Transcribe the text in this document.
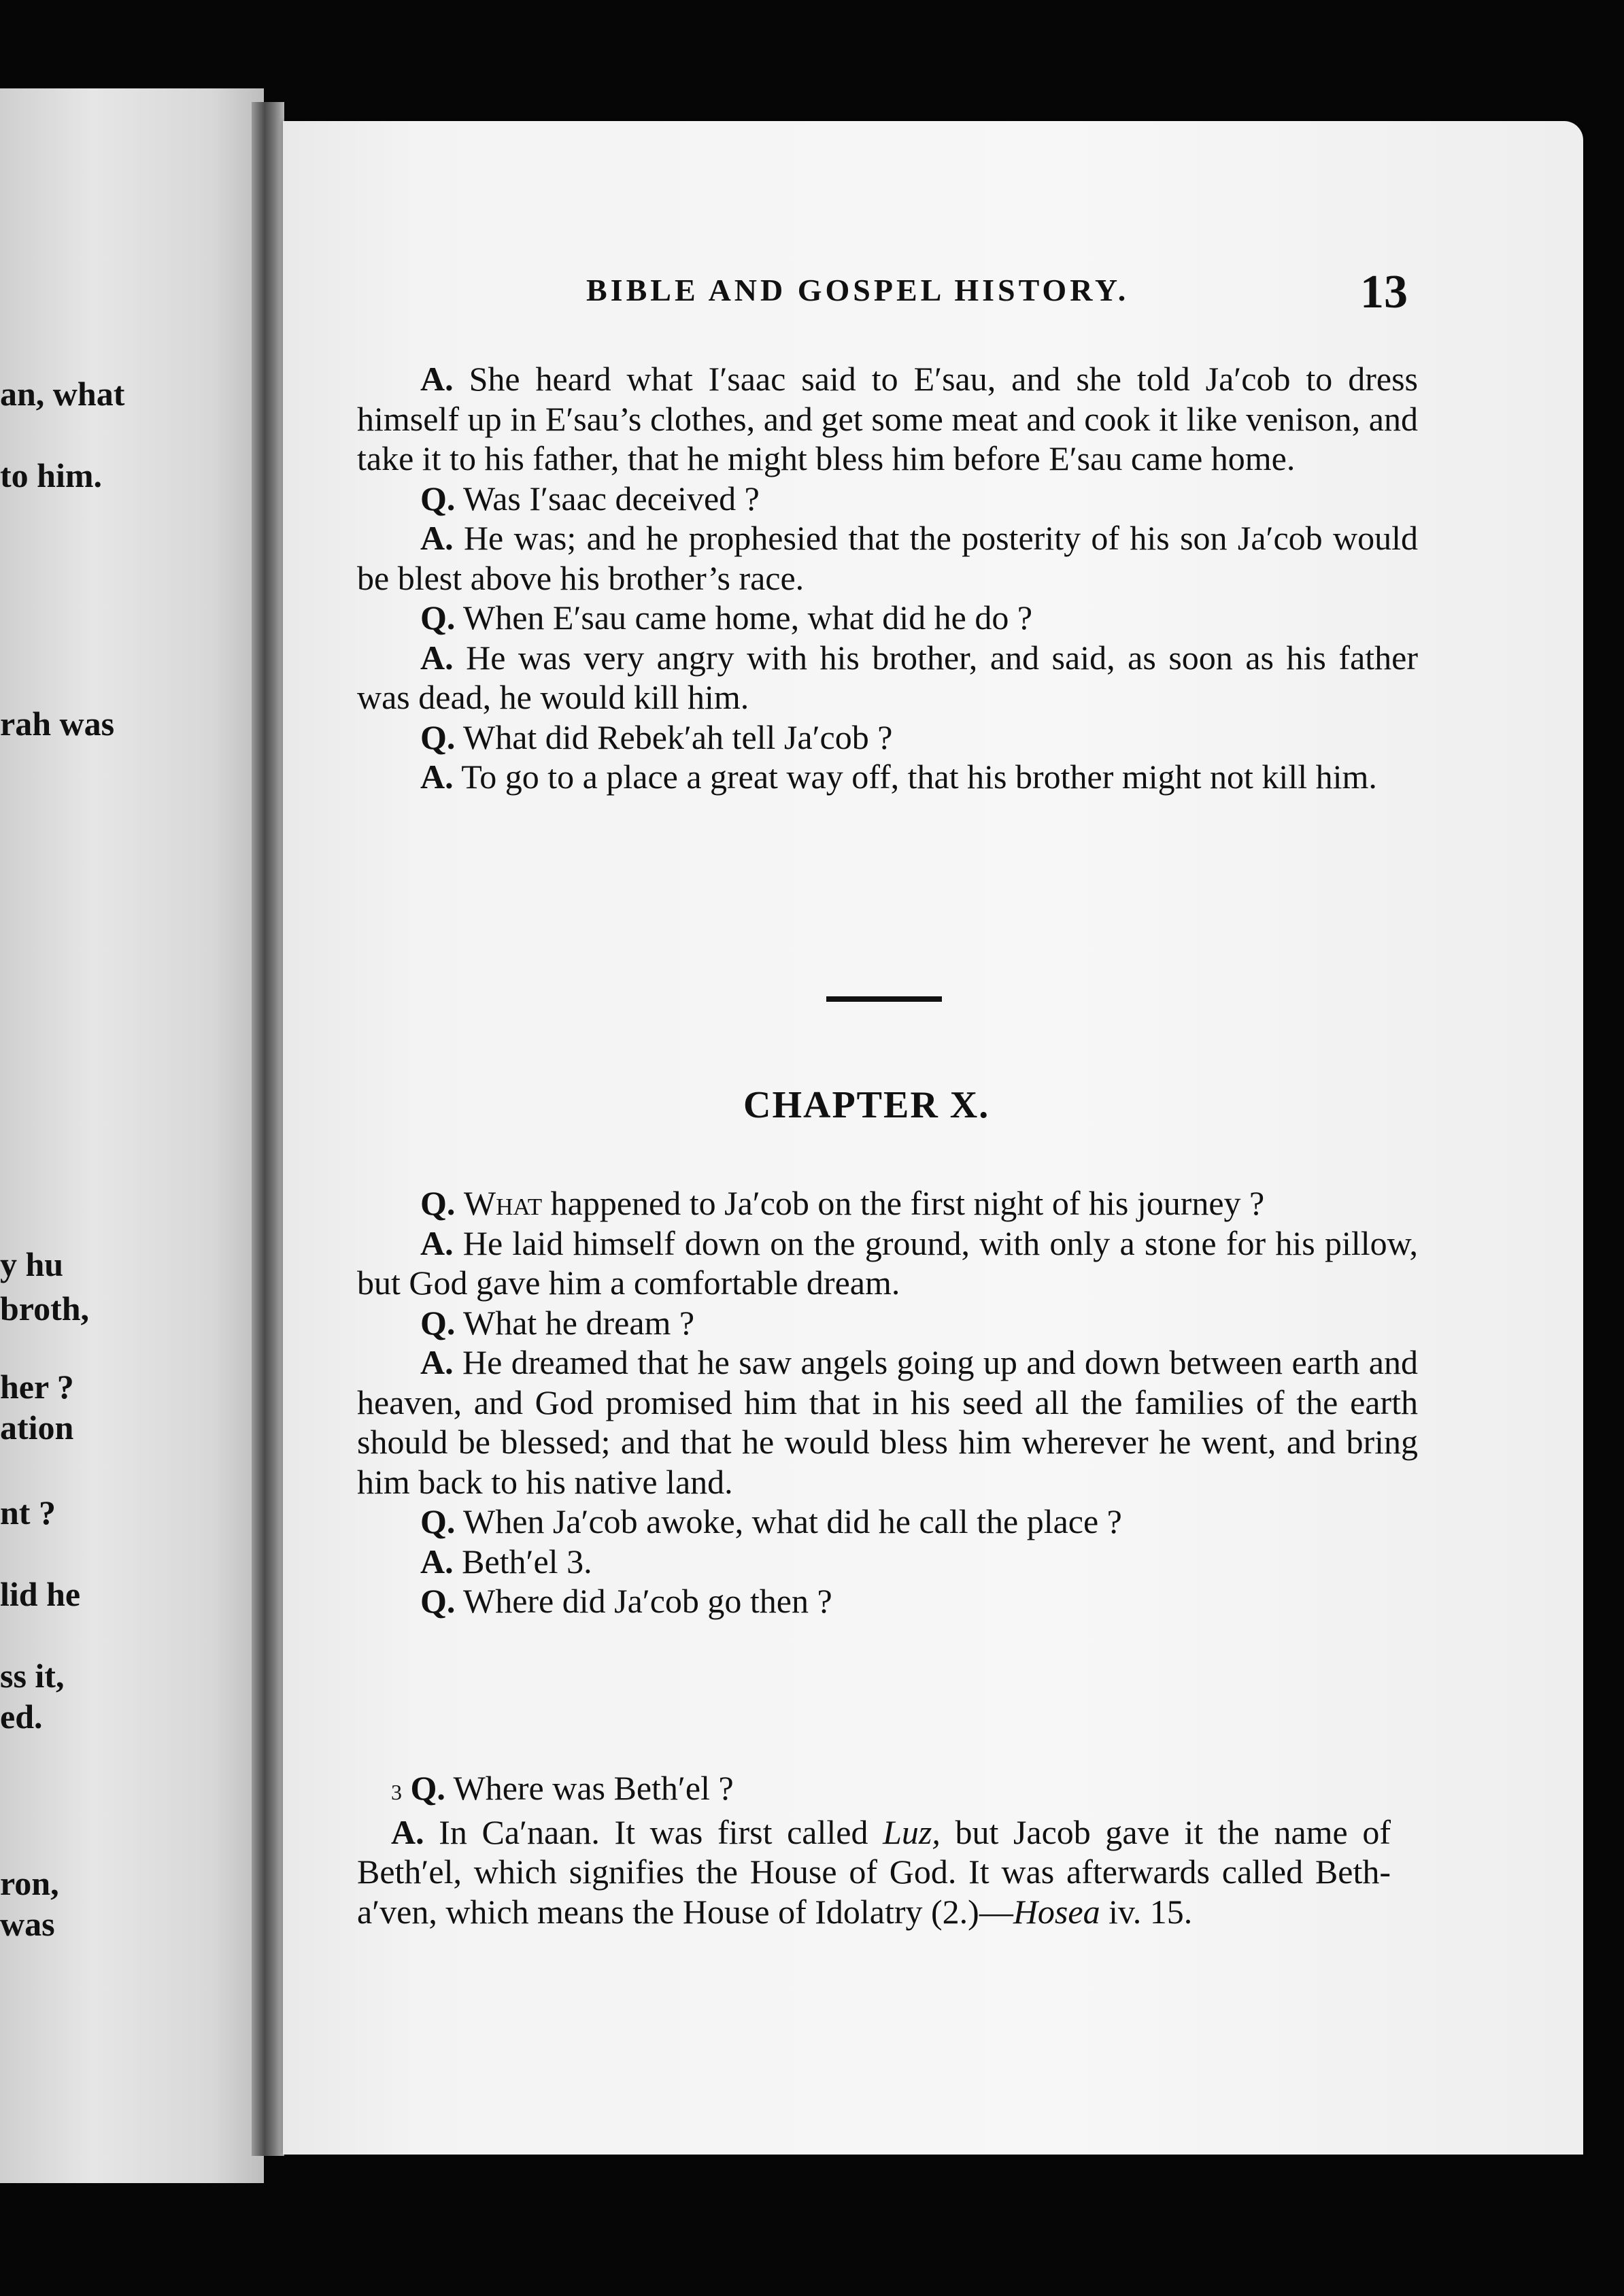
an, what
to him.
rah was
y hu
broth,
her ?
ation
nt ?
lid he
ss it,
ed.
ron,
was
BIBLE AND GOSPEL HISTORY.	13

A. She heard what I′saac said to E′sau, and she told Ja′cob to dress himself up in E′sau’s clothes, and get some meat and cook it like venison, and take it to his father, that he might bless him before E′sau came home.

Q. Was I′saac deceived ?

A. He was; and he prophesied that the posterity of his son Ja′cob would be blest above his brother’s race.

Q. When E′sau came home, what did he do ?

A. He was very angry with his brother, and said, as soon as his father was dead, he would kill him.

Q. What did Rebek′ah tell Ja′cob ?

A. To go to a place a great way off, that his brother might not kill him.

CHAPTER X.

Q. What happened to Ja′cob on the first night of his journey ?

A. He laid himself down on the ground, with only a stone for his pillow, but God gave him a comfortable dream.

Q. What he dream ?

A. He dreamed that he saw angels going up and down between earth and heaven, and God promised him that in his seed all the families of the earth should be blessed; and that he would bless him wherever he went, and bring him back to his native land.

Q. When Ja′cob awoke, what did he call the place ?

A. Beth′el 3.

Q. Where did Ja′cob go then ?

3 Q. Where was Beth′el ?

A. In Ca′naan. It was first called Luz, but Jacob gave it the name of Beth′el, which signifies the House of God. It was afterwards called Beth-a′ven, which means the House of Idolatry (2.)—Hosea iv. 15.
